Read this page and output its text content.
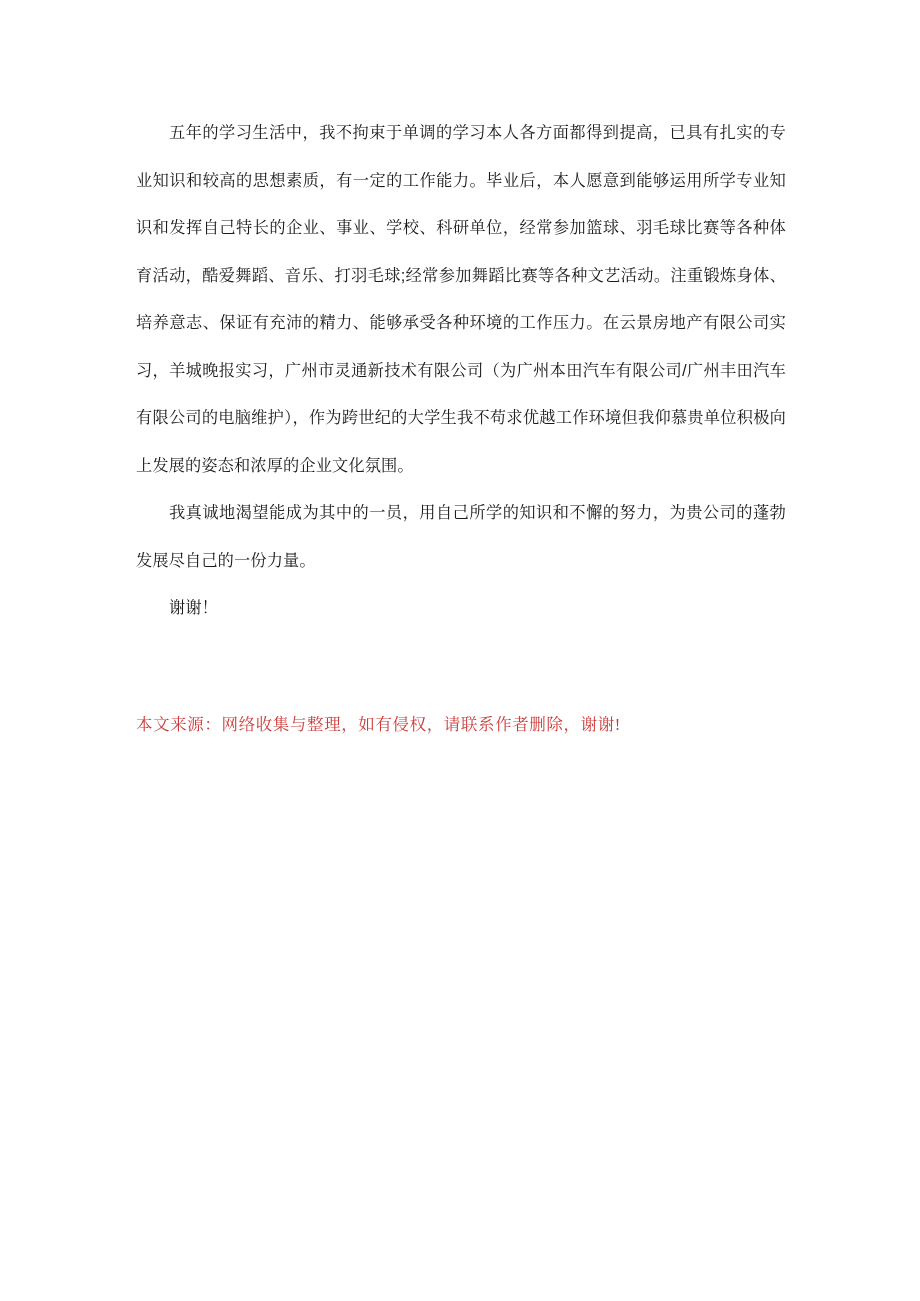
五年的学习生活中，我不拘束于单调的学习本人各方面都得到提高，已具有扎实的专业知识和较高的思想素质，有一定的工作能力。毕业后，本人愿意到能够运用所学专业知识和发挥自己特长的企业、事业、学校、科研单位，经常参加篮球、羽毛球比赛等各种体育活动，酷爱舞蹈、音乐、打羽毛球;经常参加舞蹈比赛等各种文艺活动。注重锻炼身体、培养意志、保证有充沛的精力、能够承受各种环境的工作压力。在云景房地产有限公司实习，羊城晚报实习，广州市灵通新技术有限公司（为广州本田汽车有限公司/广州丰田汽车有限公司的电脑维护），作为跨世纪的大学生我不苟求优越工作环境但我仰慕贵单位积极向上发展的姿态和浓厚的企业文化氛围。

我真诚地渴望能成为其中的一员，用自己所学的知识和不懈的努力，为贵公司的蓬勃发展尽自己的一份力量。

谢谢！

本文来源：网络收集与整理，如有侵权，请联系作者删除，谢谢!
